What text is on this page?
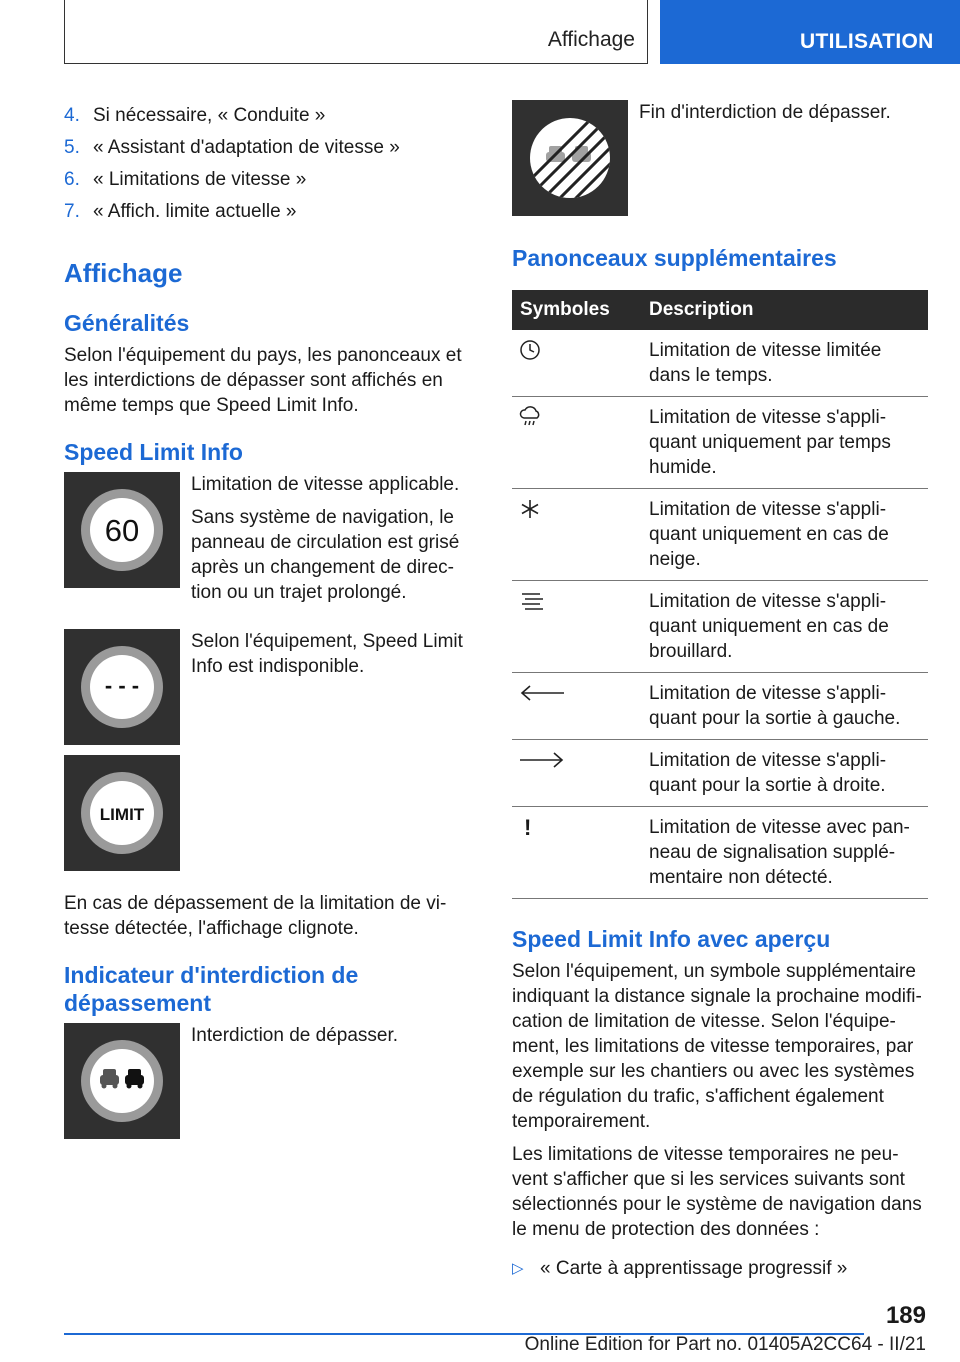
Affichage	UTILISATION
4. Si nécessaire, « Conduite »
5. « Assistant d'adaptation de vitesse »
6. « Limitations de vitesse »
7. « Affich. limite actuelle »
Affichage
Généralités

Selon l'équipement du pays, les panonceaux et les interdictions de dépasser sont affichés en même temps que Speed Limit Info.

Speed Limit Info
60

Limitation de vitesse applicable.

Sans système de navigation, le panneau de circulation est grisé après un changement de direc-tion ou un trajet prolongé.

- - -

Selon l'équipement, Speed Limit Info est indisponible.

LIMIT

En cas de dépassement de la limitation de vi-tesse détectée, l'affichage clignote.

Indicateur d'interdiction de dépassement

Interdiction de dépasser.

Fin d'interdiction de dépasser.

Panonceaux supplémentaires
Symboles	Description
	Limitation de vitesse limitée dans le temps.
	Limitation de vitesse s'appli-quant uniquement par temps humide.
	Limitation de vitesse s'appli-quant uniquement en cas de neige.
	Limitation de vitesse s'appli-quant uniquement en cas de brouillard.
	Limitation de vitesse s'appli-quant pour la sortie à gauche.
	Limitation de vitesse s'appli-quant pour la sortie à droite.
!	Limitation de vitesse avec pan-neau de signalisation supplé-mentaire non détecté.
Speed Limit Info avec aperçu

Selon l'équipement, un symbole supplémentaire indiquant la distance signale la prochaine modifi-cation de limitation de vitesse. Selon l'équipe-ment, les limitations de vitesse temporaires, par exemple sur les chantiers ou avec les systèmes de régulation du trafic, s'affichent également temporairement.

Les limitations de vitesse temporaires ne peu-vent s'afficher que si les services suivants sont sélectionnés pour le système de navigation dans le menu de protection des données :

▷ « Carte à apprentissage progressif »
189
Online Edition for Part no. 01405A2CC64 - II/21
